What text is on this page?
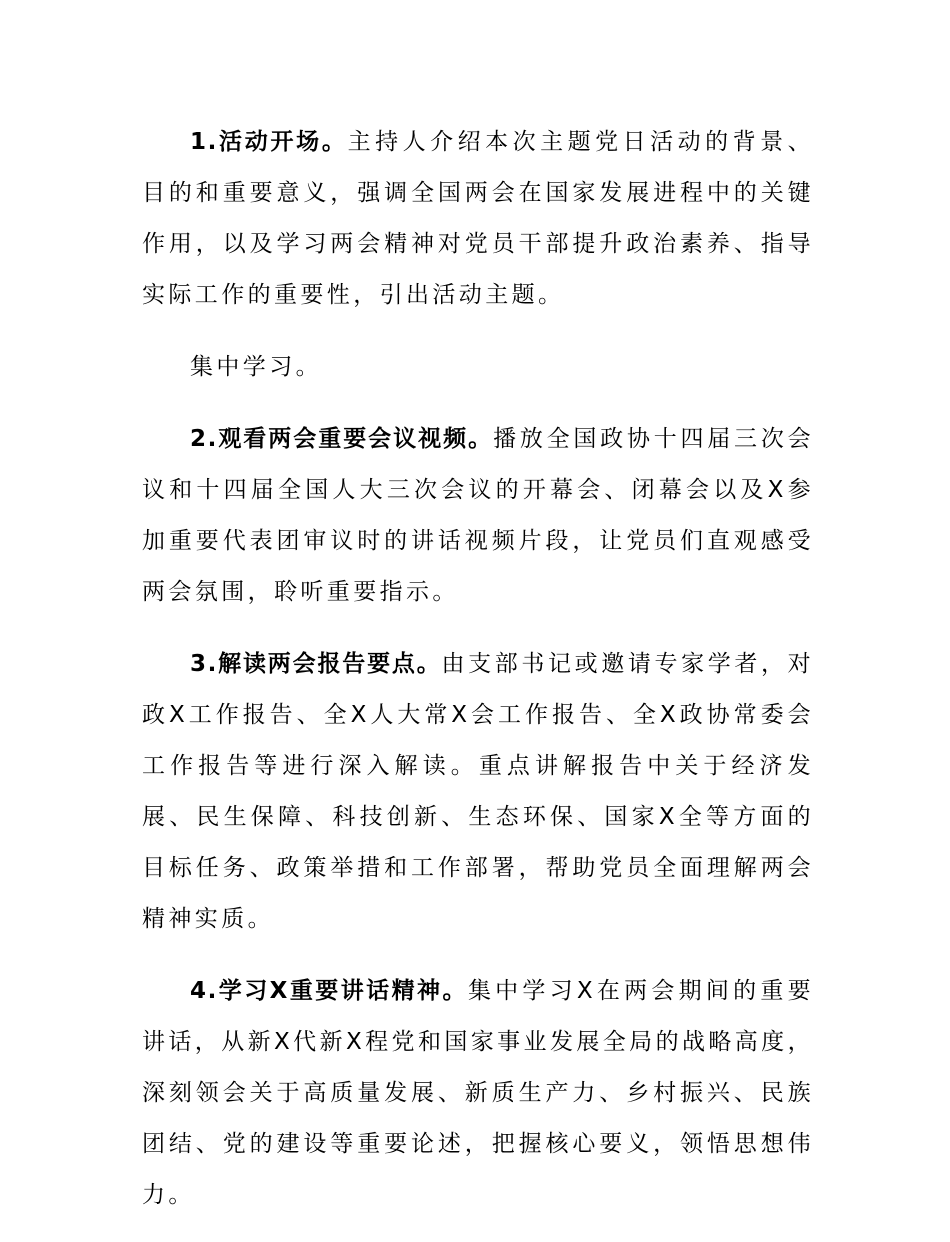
1.活动开场。主持人介绍本次主题党日活动的背景、目的和重要意义，强调全国两会在国家发展进程中的关键作用，以及学习两会精神对党员干部提升政治素养、指导实际工作的重要性，引出活动主题。

集中学习。

2.观看两会重要会议视频。播放全国政协十四届三次会议和十四届全国人大三次会议的开幕会、闭幕会以及X参加重要代表团审议时的讲话视频片段，让党员们直观感受两会氛围，聆听重要指示。

3.解读两会报告要点。由支部书记或邀请专家学者，对政X工作报告、全X人大常X会工作报告、全X政协常委会工作报告等进行深入解读。重点讲解报告中关于经济发展、民生保障、科技创新、生态环保、国家X全等方面的目标任务、政策举措和工作部署，帮助党员全面理解两会精神实质。

4.学习X重要讲话精神。集中学习X在两会期间的重要讲话，从新X代新X程党和国家事业发展全局的战略高度，深刻领会关于高质量发展、新质生产力、乡村振兴、民族团结、党的建设等重要论述，把握核心要义，领悟思想伟力。
